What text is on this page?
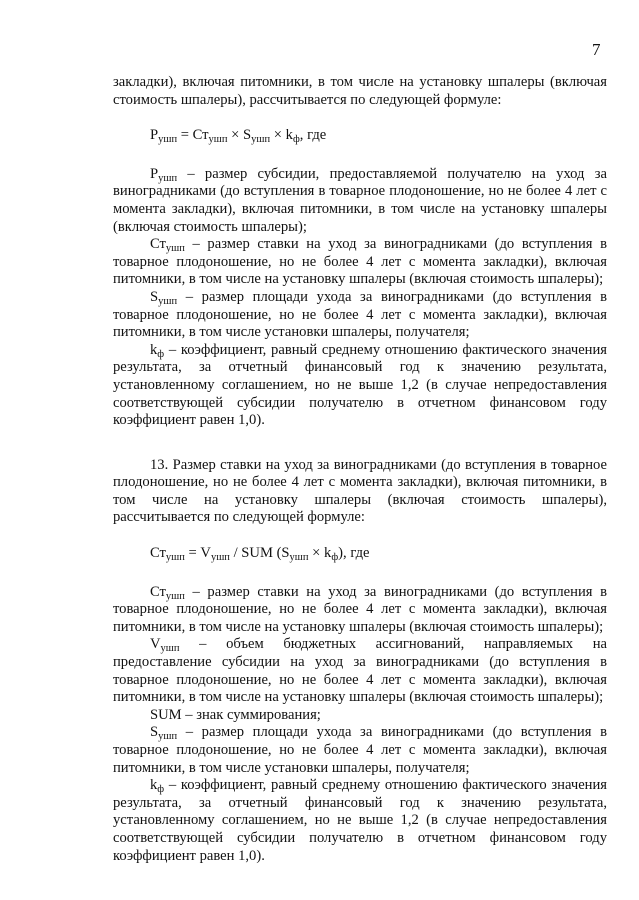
7

закладки), включая питомники, в том числе на установку шпалеры (включая стоимость шпалеры), рассчитывается по следующей формуле:

$P_{ушп} = Ст_{ушп} \times S_{ушп} \times k_ф$, где

$P_{ушп}$ – размер субсидии, предоставляемой получателю на уход за виноградниками (до вступления в товарное плодоношение, но не более 4 лет с момента закладки), включая питомники, в том числе на установку шпалеры (включая стоимость шпалеры);

$Ст_{ушп}$ – размер ставки на уход за виноградниками (до вступления в товарное плодоношение, но не более 4 лет с момента закладки), включая питомники, в том числе на установку шпалеры (включая стоимость шпалеры);

$S_{ушп}$ – размер площади ухода за виноградниками (до вступления в товарное плодоношение, но не более 4 лет с момента закладки), включая питомники, в том числе установки шпалеры, получателя;

$k_ф$ – коэффициент, равный среднему отношению фактического значения результата, за отчетный финансовый год к значению результата, установленному соглашением, но не выше 1,2 (в случае непредоставления соответствующей субсидии получателю в отчетном финансовом году коэффициент равен 1,0).

13. Размер ставки на уход за виноградниками (до вступления в товарное плодоношение, но не более 4 лет с момента закладки), включая питомники, в том числе на установку шпалеры (включая стоимость шпалеры), рассчитывается по следующей формуле:

$Ст_{ушп} = V_{ушп}$ / SUM $(S_{ушп} \times k_ф)$, где

$Ст_{ушп}$ – размер ставки на уход за виноградниками (до вступления в товарное плодоношение, но не более 4 лет с момента закладки), включая питомники, в том числе на установку шпалеры (включая стоимость шпалеры);

$V_{ушп}$ – объем бюджетных ассигнований, направляемых на предоставление субсидии на уход за виноградниками (до вступления в товарное плодоношение, но не более 4 лет с момента закладки), включая питомники, в том числе на установку шпалеры (включая стоимость шпалеры);

SUM – знак суммирования;

$S_{ушп}$ – размер площади ухода за виноградниками (до вступления в товарное плодоношение, но не более 4 лет с момента закладки), включая питомники, в том числе установки шпалеры, получателя;

$k_ф$ – коэффициент, равный среднему отношению фактического значения результата, за отчетный финансовый год к значению результата, установленному соглашением, но не выше 1,2 (в случае непредоставления соответствующей субсидии получателю в отчетном финансовом году коэффициент равен 1,0).
